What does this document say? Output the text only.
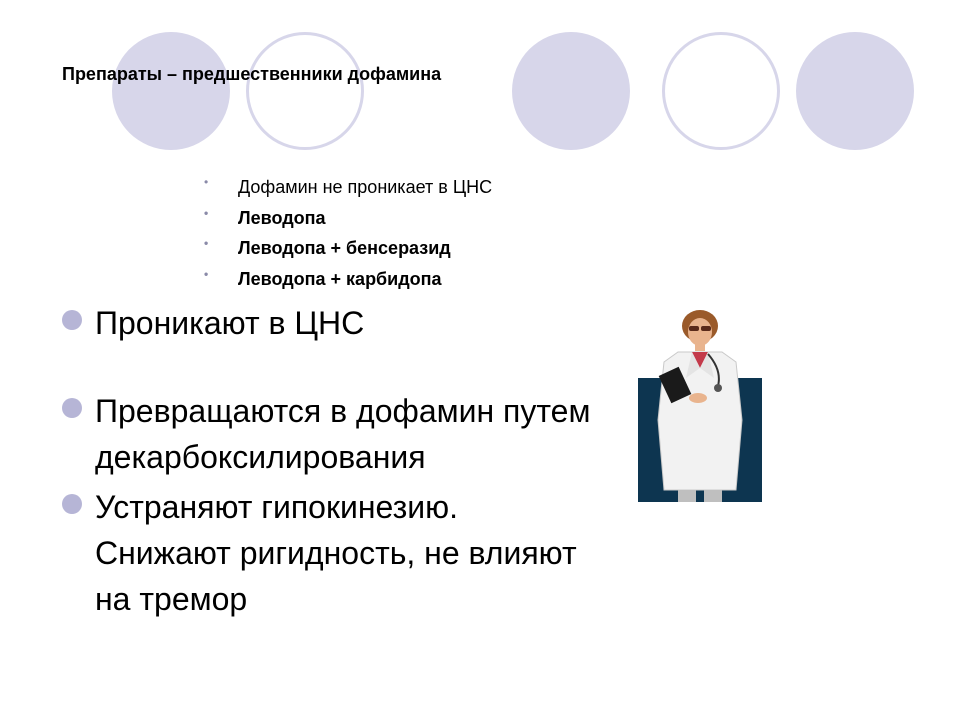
Препараты – предшественники дофамина
• Дофамин не проникает в ЦНС
• Леводопа
• Леводопа + бенсеразид
• Леводопа + карбидопа
Проникают в ЦНС
Превращаются в дофамин путем декарбоксилирования
Устраняют гипокинезию. Снижают ригидность, не влияют на тремор
